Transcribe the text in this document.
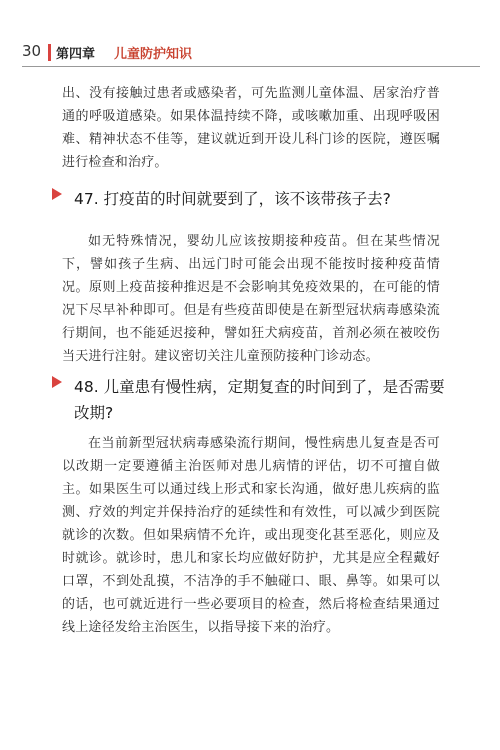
30 第四章 儿童防护知识

出、没有接触过患者或感染者，可先监测儿童体温、居家治疗普通的呼吸道感染。如果体温持续不降，或咳嗽加重、出现呼吸困难、精神状态不佳等，建议就近到开设儿科门诊的医院，遵医嘱进行检查和治疗。

47. 打疫苗的时间就要到了，该不该带孩子去?

如无特殊情况，婴幼儿应该按期接种疫苗。但在某些情况下，譬如孩子生病、出远门时可能会出现不能按时接种疫苗情况。原则上疫苗接种推迟是不会影响其免疫效果的，在可能的情况下尽早补种即可。但是有些疫苗即使是在新型冠状病毒感染流行期间，也不能延迟接种，譬如狂犬病疫苗，首剂必须在被咬伤当天进行注射。建议密切关注儿童预防接种门诊动态。

48. 儿童患有慢性病，定期复查的时间到了，是否需要改期?

在当前新型冠状病毒感染流行期间，慢性病患儿复查是否可以改期一定要遵循主治医师对患儿病情的评估，切不可擅自做主。如果医生可以通过线上形式和家长沟通，做好患儿疾病的监测、疗效的判定并保持治疗的延续性和有效性，可以减少到医院就诊的次数。但如果病情不允许，或出现变化甚至恶化，则应及时就诊。就诊时，患儿和家长均应做好防护，尤其是应全程戴好口罩，不到处乱摸，不洁净的手不触碰口、眼、鼻等。如果可以的话，也可就近进行一些必要项目的检查，然后将检查结果通过线上途径发给主治医生，以指导接下来的治疗。
